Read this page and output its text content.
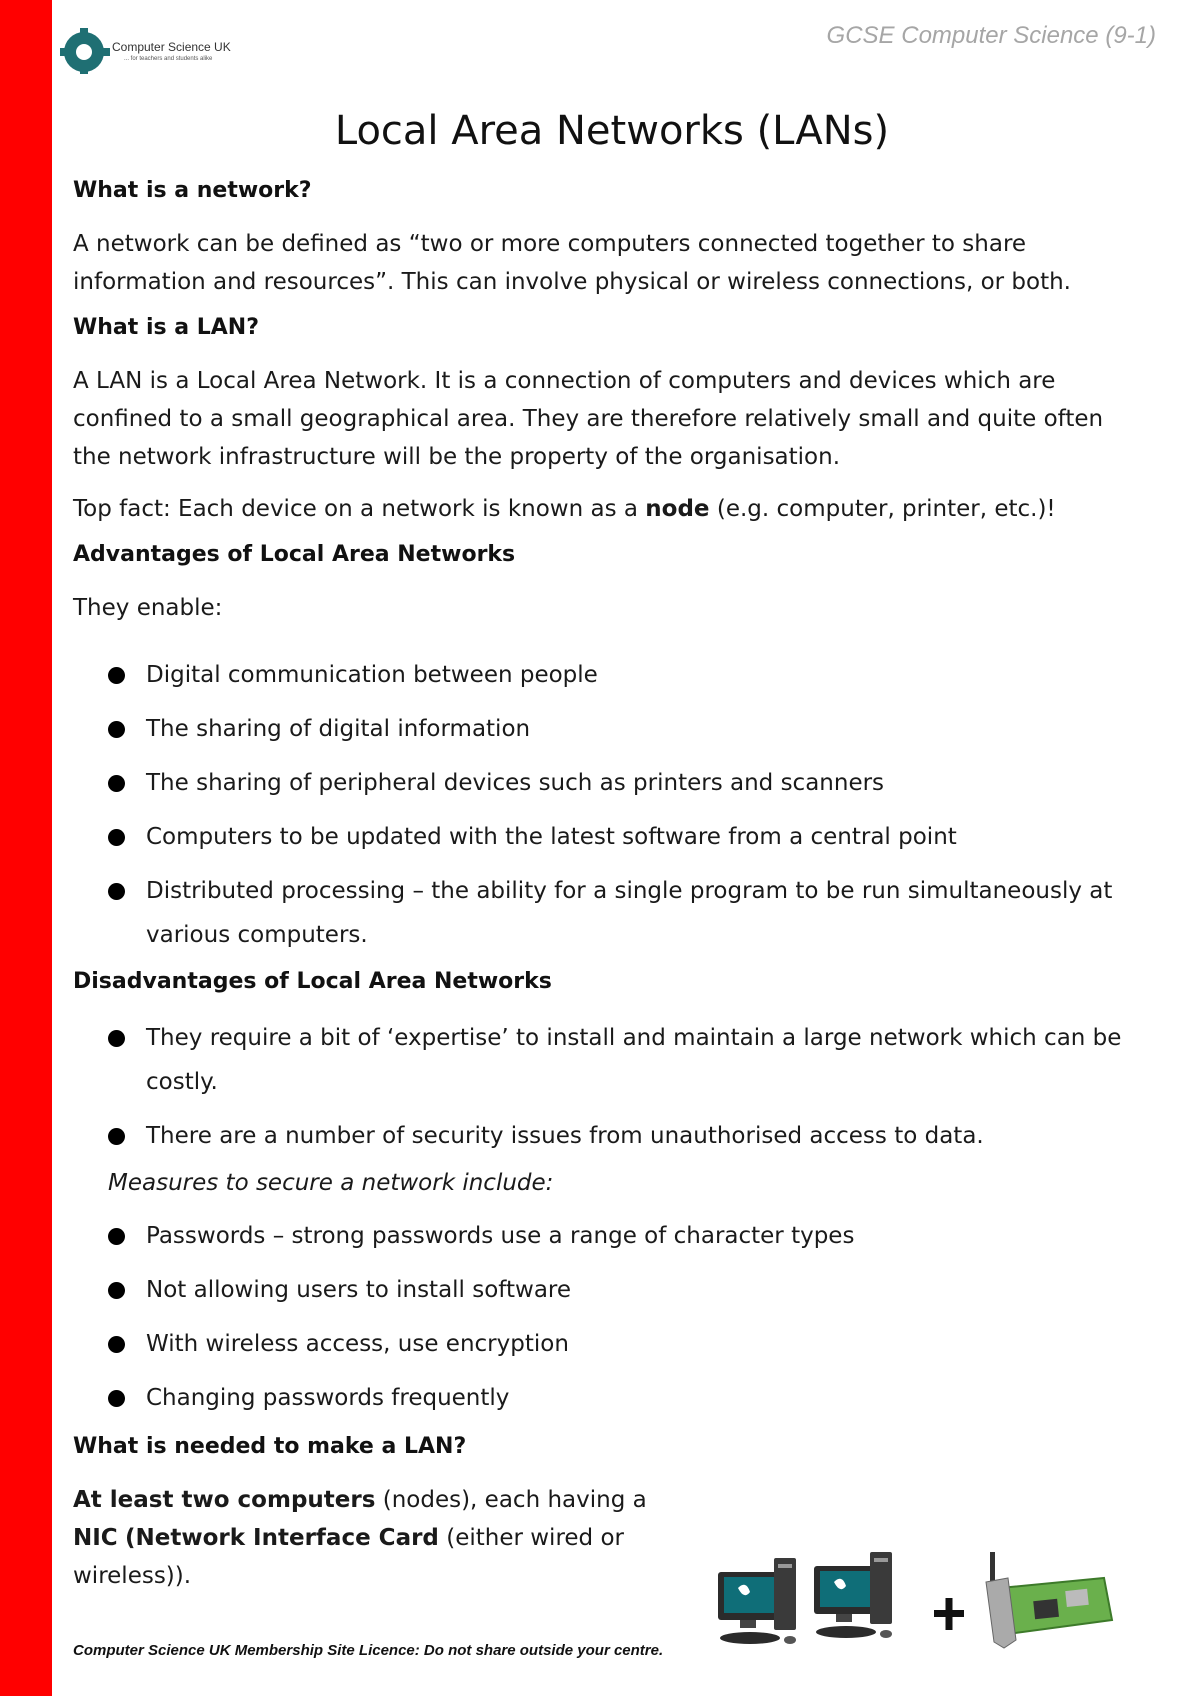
Computer Science UK
... for teachers and students alike
GCSE Computer Science (9-1)
Local Area Networks (LANs)
What is a network?

A network can be defined as “two or more computers connected together to share information and resources”. This can involve physical or wireless connections, or both.

What is a LAN?

A LAN is a Local Area Network. It is a connection of computers and devices which are confined to a small geographical area. They are therefore relatively small and quite often the network infrastructure will be the property of the organisation.

Top fact: Each device on a network is known as a node (e.g. computer, printer, etc.)!

Advantages of Local Area Networks

They enable:

Digital communication between people
The sharing of digital information
The sharing of peripheral devices such as printers and scanners
Computers to be updated with the latest software from a central point
Distributed processing – the ability for a single program to be run simultaneously at various computers.
Disadvantages of Local Area Networks
They require a bit of ‘expertise’ to install and maintain a large network which can be costly.
There are a number of security issues from unauthorised access to data.

Measures to secure a network include:

Passwords – strong passwords use a range of character types
Not allowing users to install software
With wireless access, use encryption
Changing passwords frequently
What is needed to make a LAN?

At least two computers (nodes), each having a NIC (Network Interface Card (either wired or wireless)).

Computer Science UK Membership Site Licence: Do not share outside your centre.
